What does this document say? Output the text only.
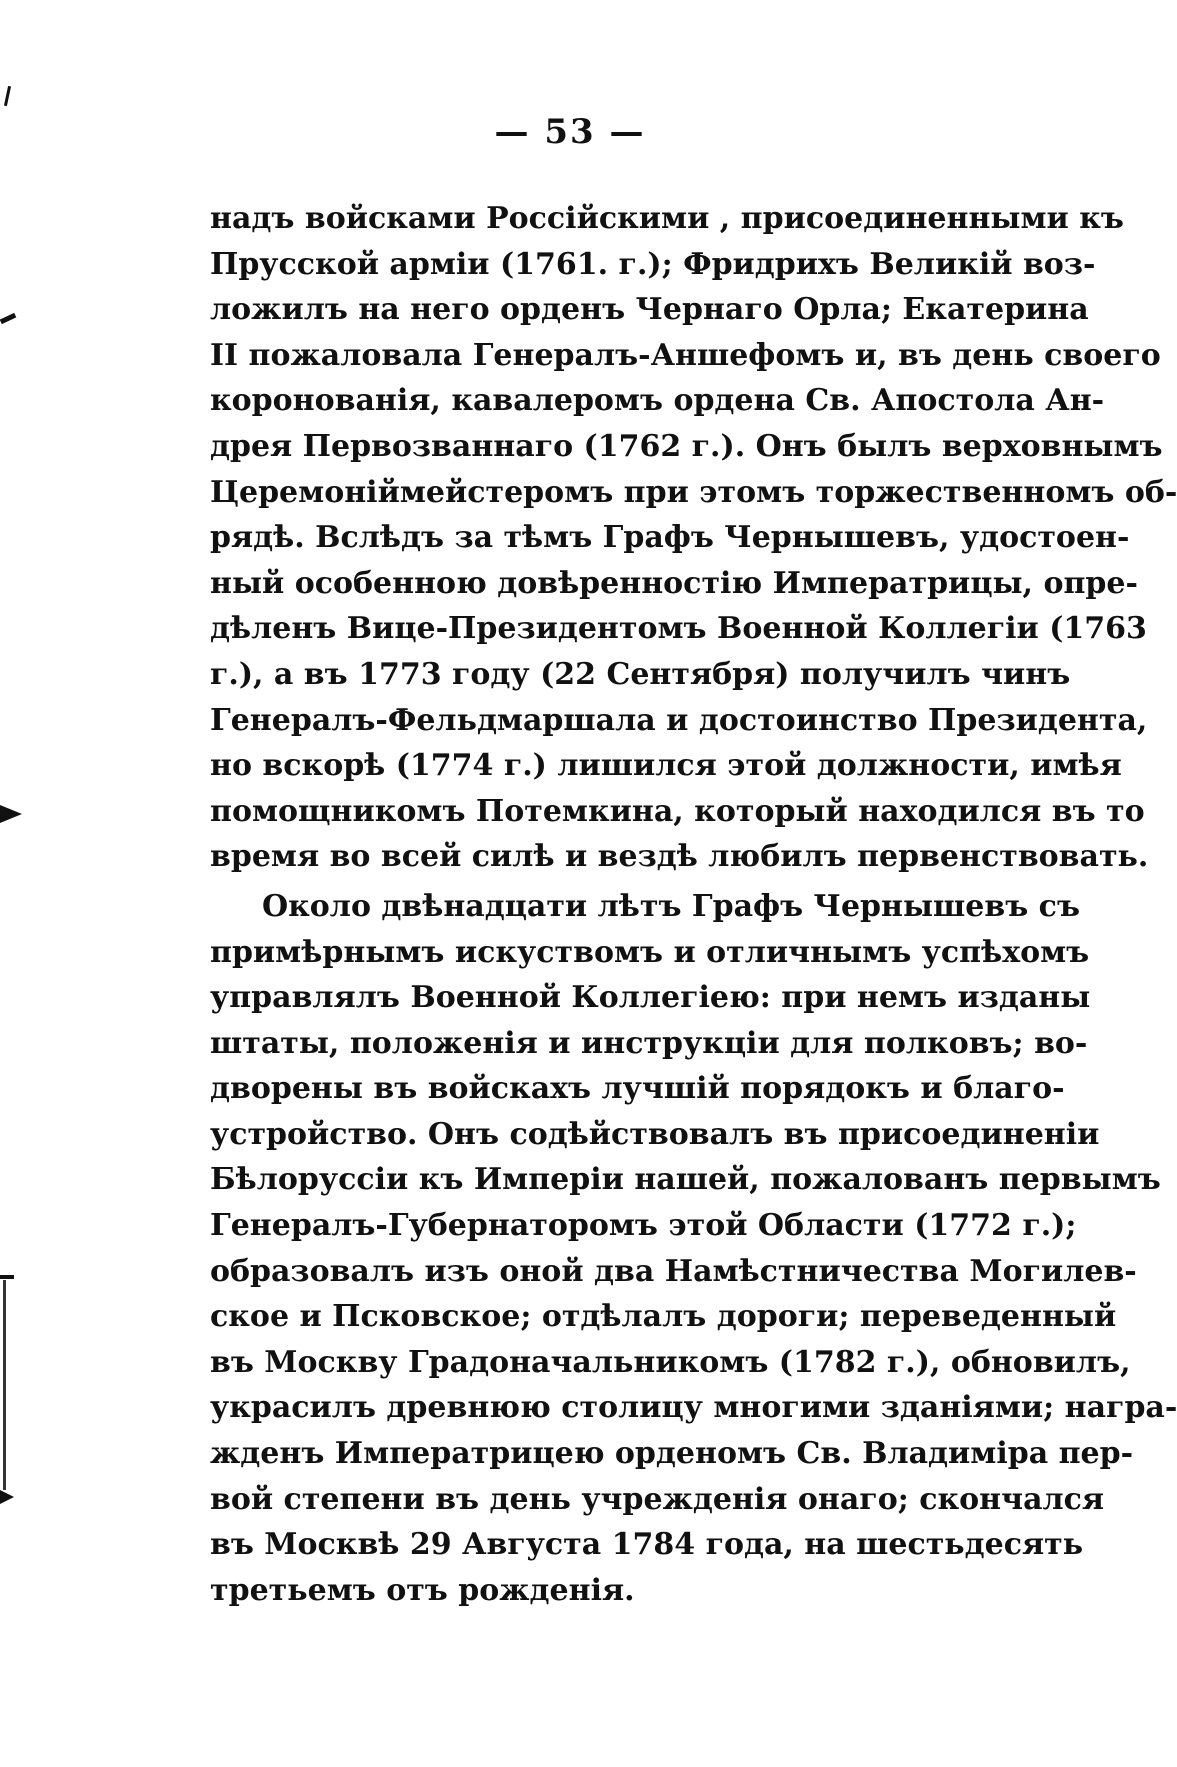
— 53 —
надъ войсками Россійскими , присоединенными къ
Прусской арміи (1761. г.); Фридрихъ Великій воз-
ложилъ на него орденъ Чернаго Орла; Екатерина
II пожаловала Генералъ-Аншефомъ и, въ день своего
коронованія, кавалеромъ ордена Св. Апостола Ан-
дрея Первозваннаго (1762 г.). Онъ былъ верховнымъ
Церемоніймейстеромъ при этомъ торжественномъ об-
рядѣ. Вслѣдъ за тѣмъ Графъ Чернышевъ, удостоен-
ный особенною довѣренностію Императрицы, опре-
дѣленъ Вице-Президентомъ Военной Коллегіи (1763
г.), а въ 1773 году (22 Сентября) получилъ чинъ
Генералъ-Фельдмаршала и достоинство Президента,
но вскорѣ (1774 г.) лишился этой должности, имѣя
помощникомъ Потемкина, который находился въ то
время во всей силѣ и вездѣ любилъ первенствовать.
Около двѣнадцати лѣтъ Графъ Чернышевъ съ
примѣрнымъ искуствомъ и отличнымъ успѣхомъ
управлялъ Военной Коллегіею: при немъ изданы
штаты, положенія и инструкціи для полковъ; во-
дворены въ войскахъ лучшій порядокъ и благо-
устройство. Онъ содѣйствовалъ въ присоединеніи
Бѣлоруссіи къ Имперіи нашей, пожалованъ первымъ
Генералъ-Губернаторомъ этой Области (1772 г.);
образовалъ изъ оной два Намѣстничества Могилев-
ское и Псковское; отдѣлалъ дороги; переведенный
въ Москву Градоначальникомъ (1782 г.), обновилъ,
украсилъ древнюю столицу многими зданіями; награ-
жденъ Императрицею орденомъ Св. Владиміра пер-
вой степени въ день учрежденія онаго; скончался
въ Москвѣ 29 Августа 1784 года, на шестьдесять
третьемъ отъ рожденія.
